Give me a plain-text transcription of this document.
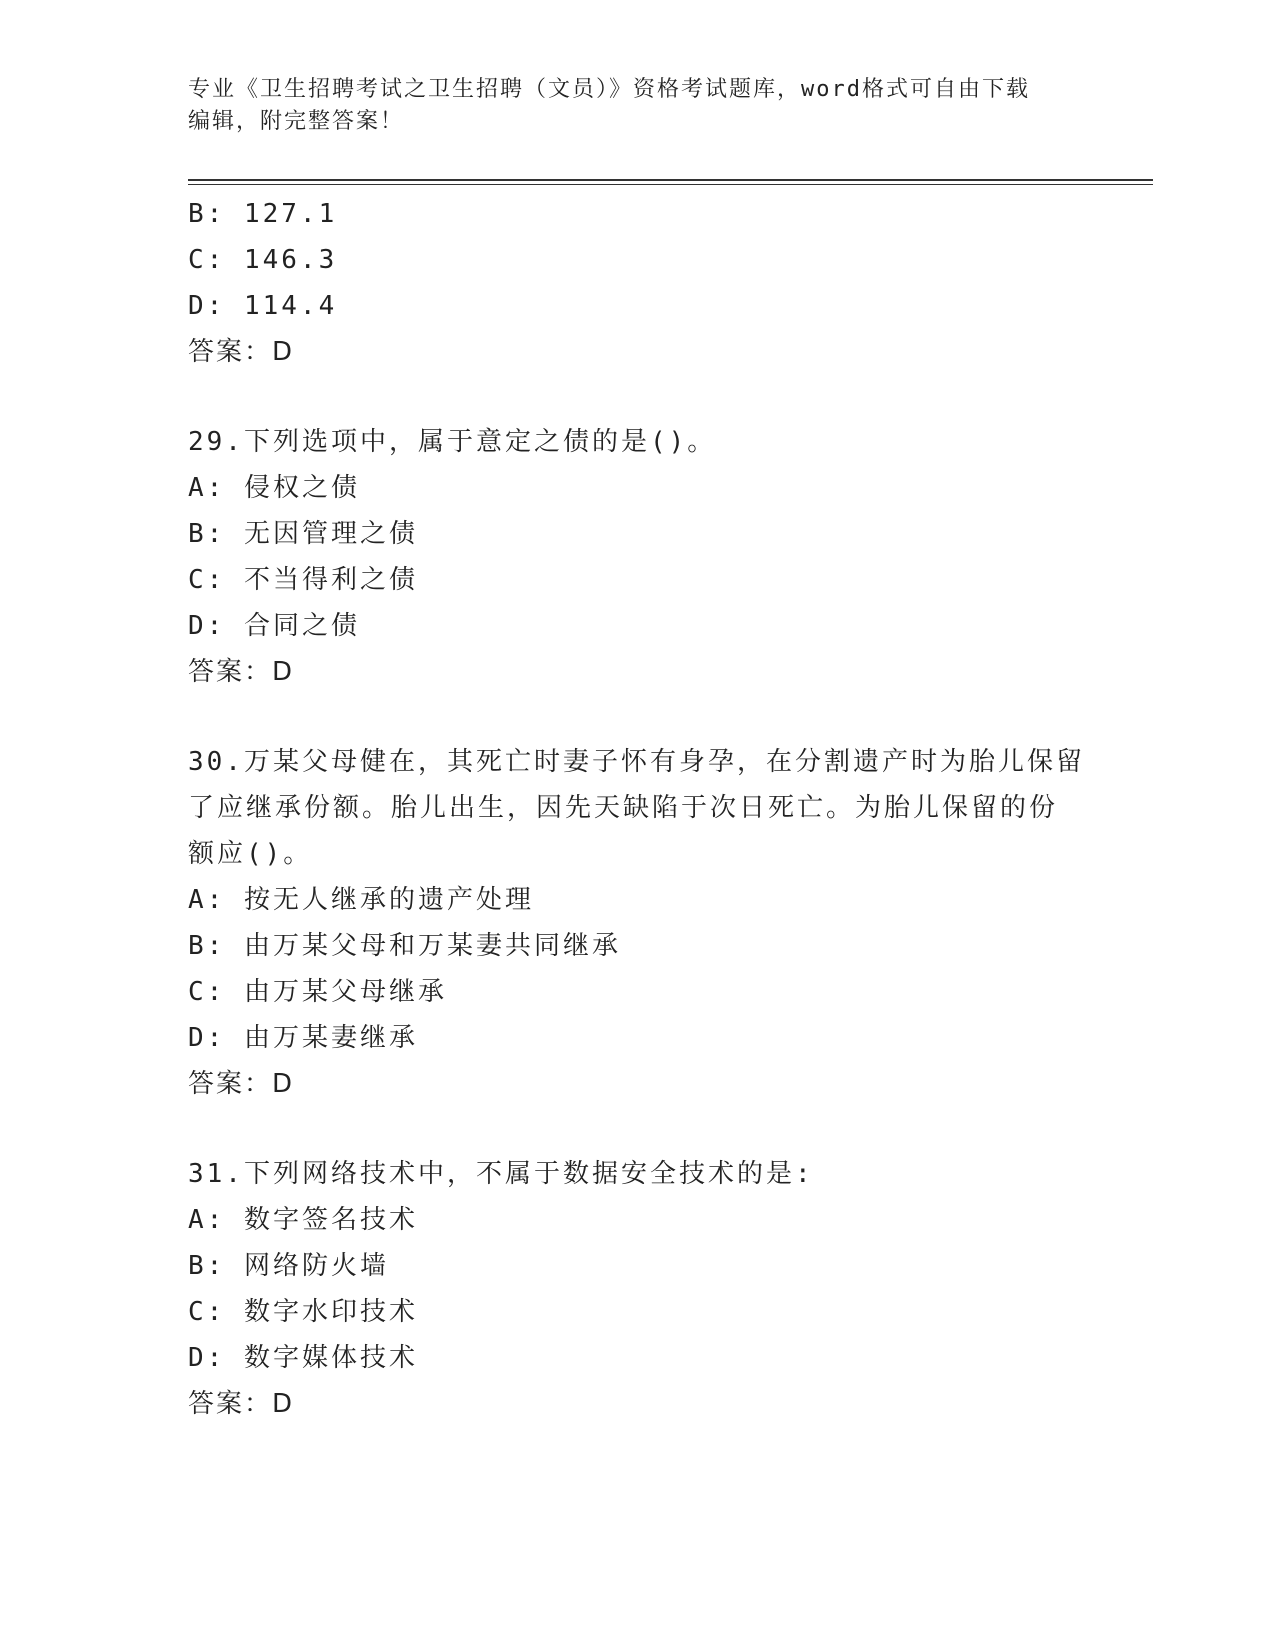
专业《卫生招聘考试之卫生招聘（文员）》资格考试题库，word格式可自由下载
编辑，附完整答案！
B: 127.1
C: 146.3
D: 114.4
答案：D
29.下列选项中，属于意定之债的是()。
A: 侵权之债
B: 无因管理之债
C: 不当得利之债
D: 合同之债
答案：D
30.万某父母健在，其死亡时妻子怀有身孕，在分割遗产时为胎儿保留
了应继承份额。胎儿出生，因先天缺陷于次日死亡。为胎儿保留的份
额应()。
A: 按无人继承的遗产处理
B: 由万某父母和万某妻共同继承
C: 由万某父母继承
D: 由万某妻继承
答案：D
31.下列网络技术中，不属于数据安全技术的是:
A: 数字签名技术
B: 网络防火墙
C: 数字水印技术
D: 数字媒体技术
答案：D
